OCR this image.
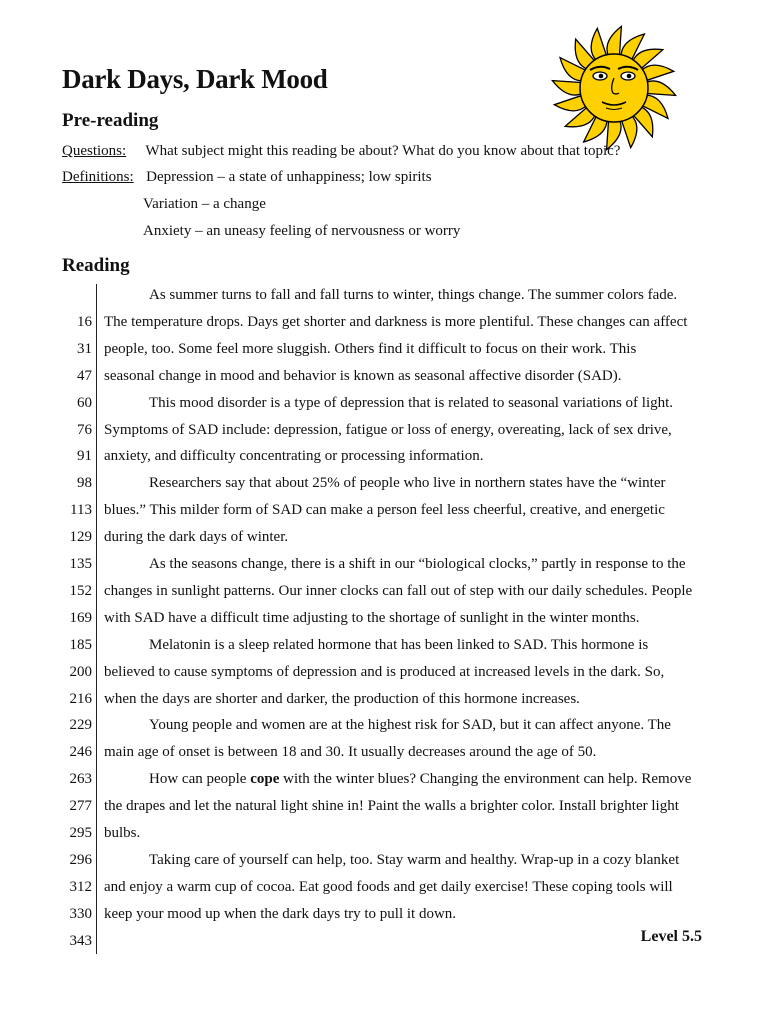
Dark Days, Dark Mood
Pre-reading
Questions: What subject might this reading be about? What do you know about that topic?
Definitions: Depression – a state of unhappiness; low spirits
Variation – a change
Anxiety – an uneasy feeling of nervousness or worry
Reading
As summer turns to fall and fall turns to winter, things change. The summer colors fade.
16 The temperature drops. Days get shorter and darkness is more plentiful. These changes can affect
31 people, too. Some feel more sluggish. Others find it difficult to focus on their work. This
47 seasonal change in mood and behavior is known as seasonal affective disorder (SAD).
60	This mood disorder is a type of depression that is related to seasonal variations of light.
76 Symptoms of SAD include: depression, fatigue or loss of energy, overeating, lack of sex drive,
91 anxiety, and difficulty concentrating or processing information.
98	Researchers say that about 25% of people who live in northern states have the “winter
113 blues.” This milder form of SAD can make a person feel less cheerful, creative, and energetic
129 during the dark days of winter.
135	As the seasons change, there is a shift in our “biological clocks,” partly in response to the
152 changes in sunlight patterns. Our inner clocks can fall out of step with our daily schedules. People
169 with SAD have a difficult time adjusting to the shortage of sunlight in the winter months.
185	Melatonin is a sleep related hormone that has been linked to SAD. This hormone is
200 believed to cause symptoms of depression and is produced at increased levels in the dark. So,
216 when the days are shorter and darker, the production of this hormone increases.
229	Young people and women are at the highest risk for SAD, but it can affect anyone. The
246 main age of onset is between 18 and 30. It usually decreases around the age of 50.
263	How can people cope with the winter blues? Changing the environment can help. Remove
277 the drapes and let the natural light shine in! Paint the walls a brighter color. Install brighter light
295 bulbs.
296	Taking care of yourself can help, too. Stay warm and healthy. Wrap-up in a cozy blanket
312 and enjoy a warm cup of cocoa. Eat good foods and get daily exercise! These coping tools will
330 keep your mood up when the dark days try to pull it down.
343	Level 5.5
